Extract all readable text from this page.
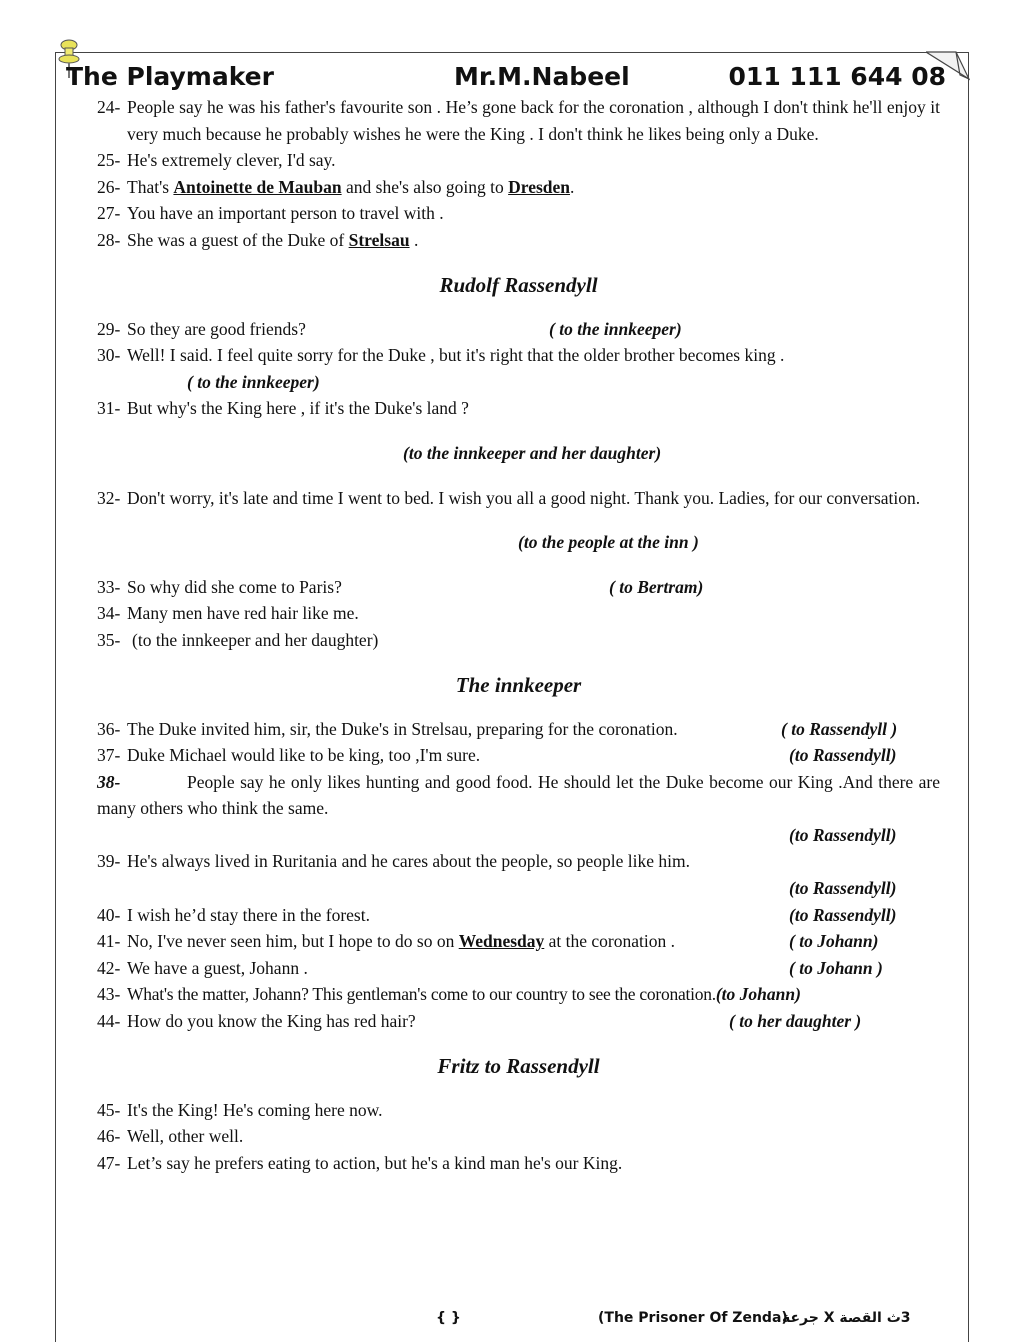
The Playmaker	Mr.M.Nabeel	011 111 644 08
24- People say he was his father's favourite son . He’s gone back for the coronation , although I don't think he'll enjoy it very much because he probably wishes he were the King . I don't think he likes being only a Duke.
25- He's extremely clever, I'd say.
26- That's Antoinette de Mauban and she's also going to Dresden.
27- You have an important person to travel with .
28- She was a guest of the Duke of Strelsau .
Rudolf Rassendyll
29- So they are good friends?	( to the innkeeper)
30- Well! I said. I feel quite sorry for the Duke , but it's right that the older brother becomes king .
( to the innkeeper)
31- But why's the King here , if it's the Duke's land ?
(to the innkeeper and her daughter)
32- Don't worry, it's late and time I went to bed. I wish you all a good night. Thank you. Ladies, for our conversation.
(to the people at the inn )
33- So why did she come to Paris?	( to Bertram)
34- Many men have red hair like me.
35- (to the innkeeper and her daughter)
The innkeeper
36- The Duke invited him, sir, the Duke's in Strelsau, preparing for the coronation.	( to Rassendyll )
37- Duke Michael would like to be king, too ,I'm sure.	(to Rassendyll)
38-	People say he only likes hunting and good food. He should let the Duke become our King .And there are many others who think the same.
(to Rassendyll)
39- He's always lived in Ruritania and he cares about the people, so people like him.
(to Rassendyll)
40- I wish he’d stay there in the forest.	(to Rassendyll)
41- No, I've never seen him, but I hope to do so on Wednesday at the coronation .	( to Johann)
42- We have a guest, Johann .	( to Johann )
43- What's the matter, Johann? This gentleman's come to our country to see the coronation.(to Johann)
44- How do you know the King has red hair?	( to her daughter )
Fritz to Rassendyll
45- It's the King! He's coming here now.
46- Well, other well.
47- Let’s say he prefers eating to action, but he's a kind man he's our King.
{ }	(The Prisoner Of Zenda)
3ث القصة X جرعة
